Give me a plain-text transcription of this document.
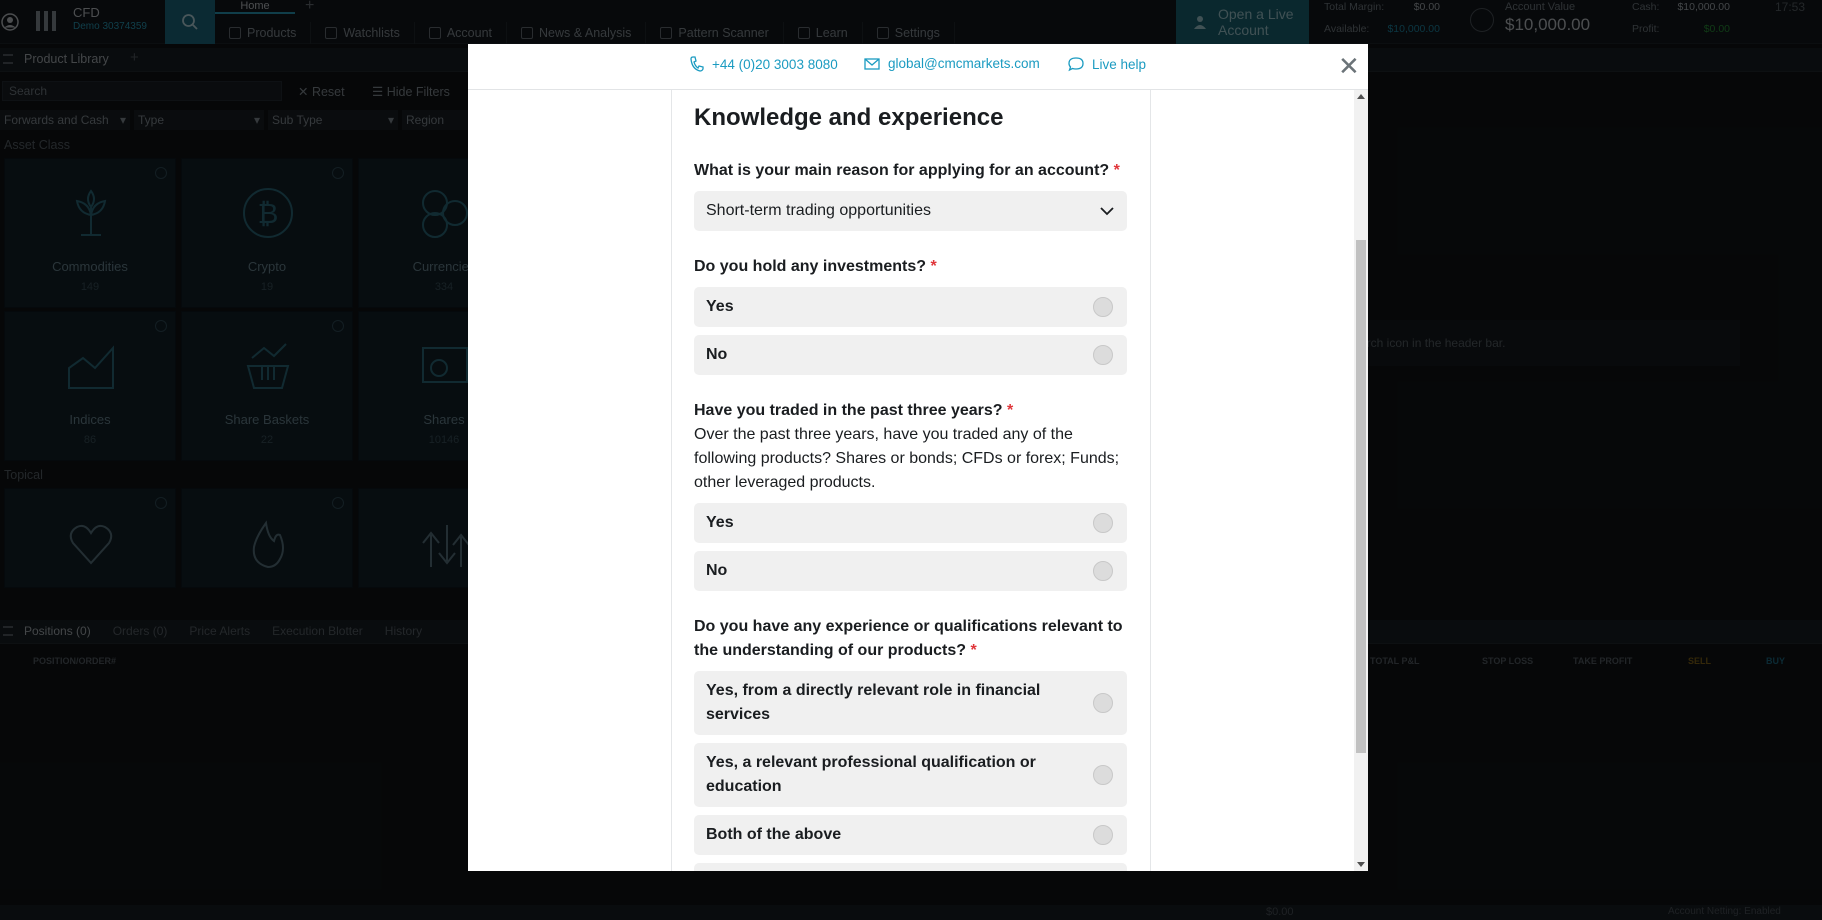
+44 (0)20 3003 8080	global@cmcmarkets.com	Live help	✕
Knowledge and experience
What is your main reason for applying for an account? *
Short-term trading opportunities
Do you hold any investments? *
Yes
No
Have you traded in the past three years? *
Over the past three years, have you traded any of the following products? Shares or bonds; CFDs or forex; Funds; other leveraged products.
Yes
No
Do you have any experience or qualifications relevant to the understanding of our products? *
Yes, from a directly relevant role in financial services
Yes, a relevant professional qualification or education
Both of the above
